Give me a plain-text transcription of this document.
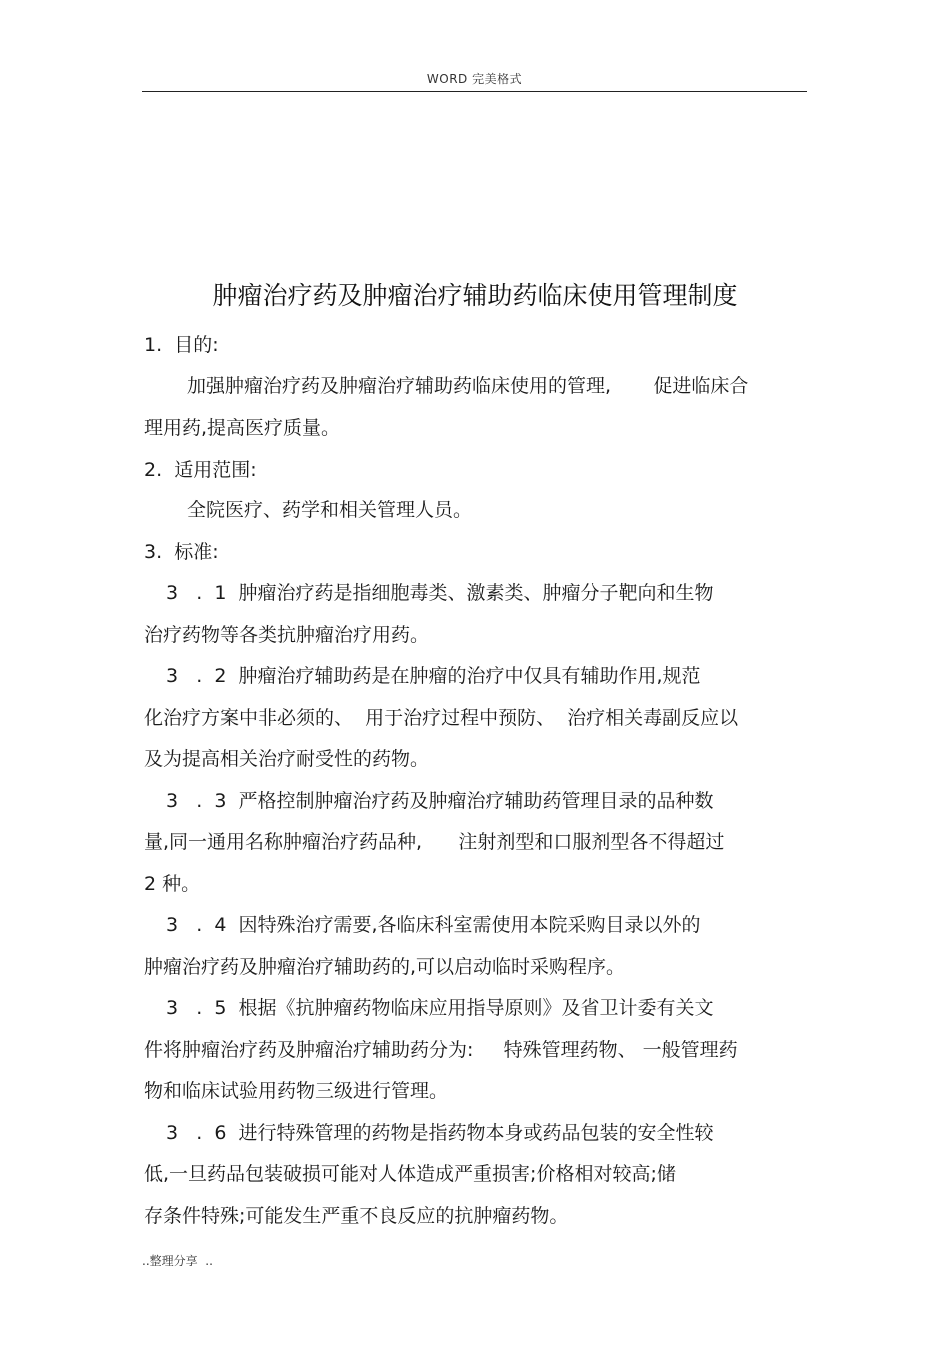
WORD 完美格式
肿瘤治疗药及肿瘤治疗辅助药临床使用管理制度
1.  目的:
加强肿瘤治疗药及肿瘤治疗辅助药临床使用的管理,       促进临床合
理用药,提高医疗质量。
2.  适用范围:
全院医疗、药学和相关管理人员。
3.  标准:
3   .  1  肿瘤治疗药是指细胞毒类、激素类、肿瘤分子靶向和生物
治疗药物等各类抗肿瘤治疗用药。
3   .  2  肿瘤治疗辅助药是在肿瘤的治疗中仅具有辅助作用,规范
化治疗方案中非必须的、  用于治疗过程中预防、  治疗相关毒副反应以
及为提高相关治疗耐受性的药物。
3   .  3  严格控制肿瘤治疗药及肿瘤治疗辅助药管理目录的品种数
量,同一通用名称肿瘤治疗药品种,      注射剂型和口服剂型各不得超过
2 种。
3   .  4  因特殊治疗需要,各临床科室需使用本院采购目录以外的
肿瘤治疗药及肿瘤治疗辅助药的,可以启动临时采购程序。
3   .  5  根据《抗肿瘤药物临床应用指导原则》及省卫计委有关文
件将肿瘤治疗药及肿瘤治疗辅助药分为:     特殊管理药物、 一般管理药
物和临床试验用药物三级进行管理。
3   .  6  进行特殊管理的药物是指药物本身或药品包装的安全性较
低,一旦药品包装破损可能对人体造成严重损害;价格相对较高;储
存条件特殊;可能发生严重不良反应的抗肿瘤药物。
..整理分享  ..
